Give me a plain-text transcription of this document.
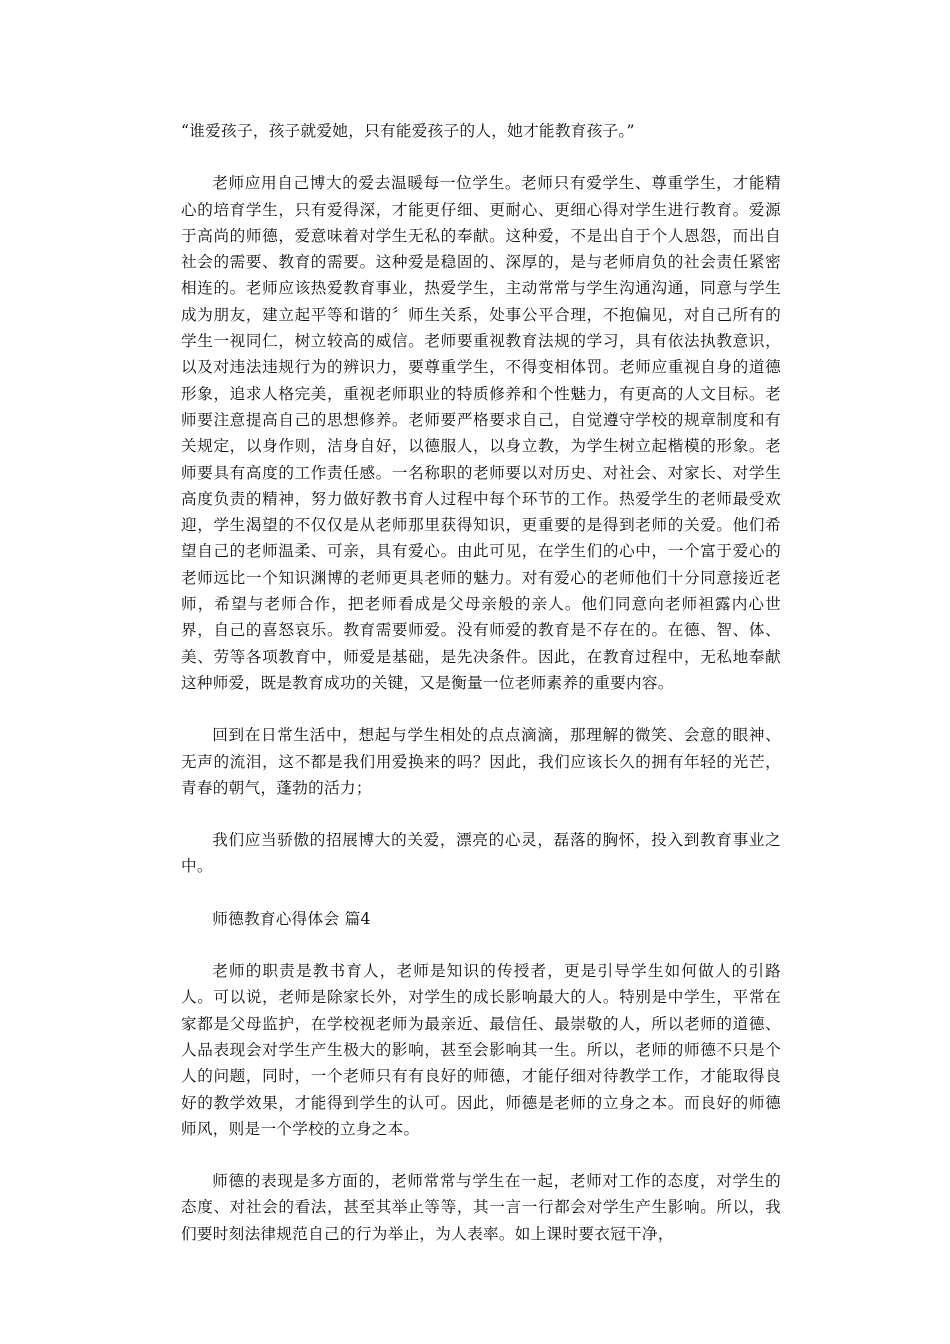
“谁爱孩子，孩子就爱她，只有能爱孩子的人，她才能教育孩子。”

老师应用自己博大的爱去温暖每一位学生。老师只有爱学生、尊重学生，才能精心的培育学生，只有爱得深，才能更仔细、更耐心、更细心得对学生进行教育。爱源于高尚的师德，爱意味着对学生无私的奉献。这种爱，不是出自于个人恩怨，而出自社会的需要、教育的需要。这种爱是稳固的、深厚的，是与老师肩负的社会责任紧密相连的。老师应该热爱教育事业，热爱学生，主动常常与学生沟通沟通，同意与学生成为朋友，建立起平等和谐的〞师生关系，处事公平合理，不抱偏见，对自己所有的学生一视同仁，树立较高的威信。老师要重视教育法规的学习，具有依法执教意识，以及对违法违规行为的辨识力，要尊重学生，不得变相体罚。老师应重视自身的道德形象，追求人格完美，重视老师职业的特质修养和个性魅力，有更高的人文目标。老师要注意提高自己的思想修养。老师要严格要求自己，自觉遵守学校的规章制度和有关规定，以身作则，洁身自好，以德服人，以身立教，为学生树立起楷模的形象。老师要具有高度的工作责任感。一名称职的老师要以对历史、对社会、对家长、对学生高度负责的精神，努力做好教书育人过程中每个环节的工作。热爱学生的老师最受欢迎，学生渴望的不仅仅是从老师那里获得知识，更重要的是得到老师的关爱。他们希望自己的老师温柔、可亲，具有爱心。由此可见，在学生们的心中，一个富于爱心的老师远比一个知识渊博的老师更具老师的魅力。对有爱心的老师他们十分同意接近老师，希望与老师合作，把老师看成是父母亲般的亲人。他们同意向老师袒露内心世界，自己的喜怒哀乐。教育需要师爱。没有师爱的教育是不存在的。在德、智、体、美、劳等各项教育中，师爱是基础，是先决条件。因此，在教育过程中，无私地奉献这种师爱，既是教育成功的关键，又是衡量一位老师素养的重要内容。

回到在日常生活中，想起与学生相处的点点滴滴，那理解的微笑、会意的眼神、无声的流泪，这不都是我们用爱换来的吗？因此，我们应该长久的拥有年轻的光芒，青春的朝气，蓬勃的活力；

我们应当骄傲的招展博大的关爱，漂亮的心灵，磊落的胸怀，投入到教育事业之中。

师德教育心得体会 篇4

老师的职责是教书育人，老师是知识的传授者，更是引导学生如何做人的引路人。可以说，老师是除家长外，对学生的成长影响最大的人。特别是中学生，平常在家都是父母监护，在学校视老师为最亲近、最信任、最崇敬的人，所以老师的道德、人品表现会对学生产生极大的影响，甚至会影响其一生。所以，老师的师德不只是个人的问题，同时，一个老师只有有良好的师德，才能仔细对待教学工作，才能取得良好的教学效果，才能得到学生的认可。因此，师德是老师的立身之本。而良好的师德师风，则是一个学校的立身之本。

师德的表现是多方面的，老师常常与学生在一起，老师对工作的态度，对学生的态度、对社会的看法，甚至其举止等等，其一言一行都会对学生产生影响。所以，我们要时刻法律规范自己的行为举止，为人表率。如上课时要衣冠干净，
